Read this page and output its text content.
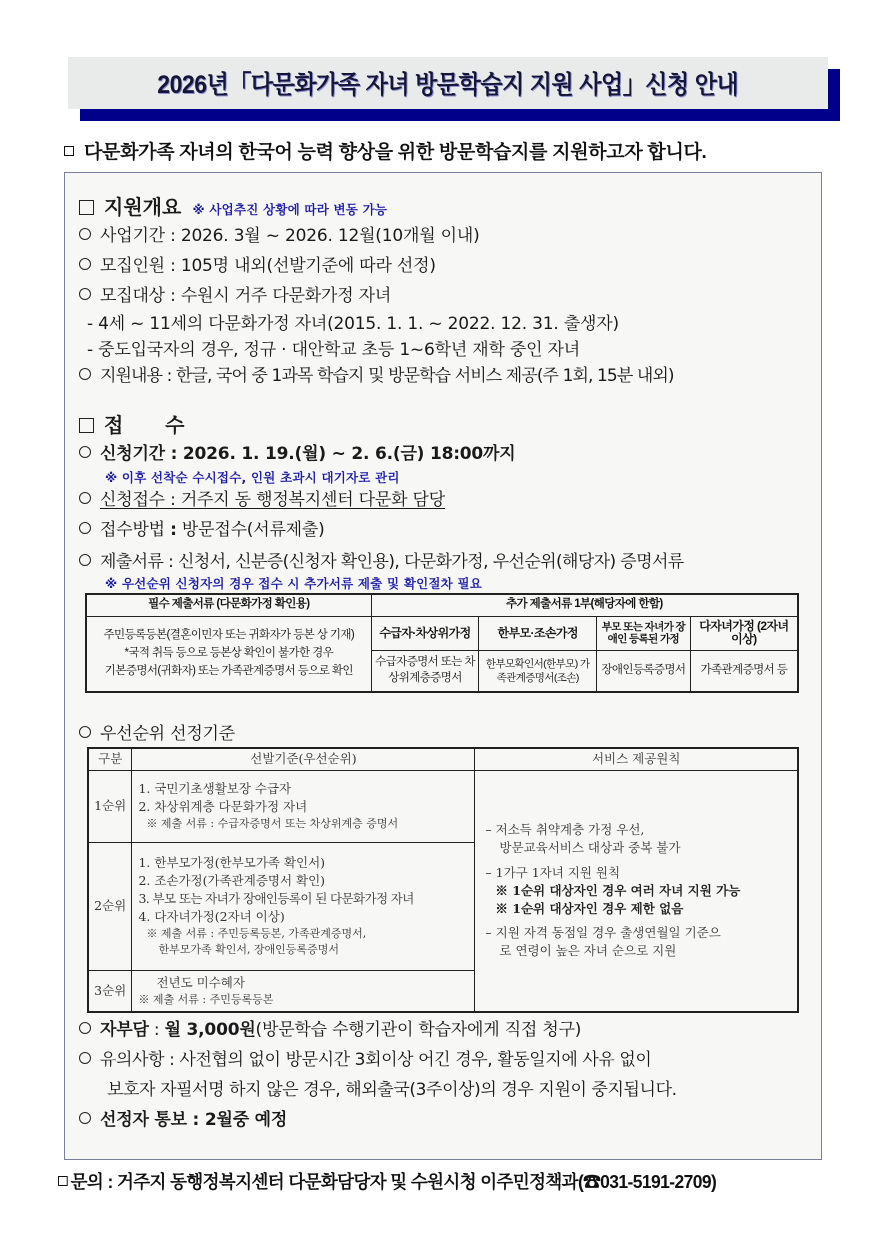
2026년「다문화가족 자녀 방문학습지 지원 사업」신청 안내
다문화가족 자녀의 한국어 능력 향상을 위한 방문학습지를 지원하고자 합니다.
지원개요 ※ 사업추진 상황에 따라 변동 가능
사업기간 : 2026. 3월 ~ 2026. 12월(10개월 이내)
모집인원 : 105명 내외(선발기준에 따라 선정)
모집대상 : 수원시 거주 다문화가정 자녀
- 4세 ~ 11세의 다문화가정 자녀(2015. 1. 1. ~ 2022. 12. 31. 출생자)
- 중도입국자의 경우, 정규 · 대안학교 초등 1~6학년 재학 중인 자녀
지원내용 : 한글, 국어 중 1과목 학습지 및 방문학습 서비스 제공(주 1회, 15분 내외)
접      수
신청기간 : 2026. 1. 19.(월) ~ 2. 6.(금) 18:00까지
※ 이후 선착순 수시접수, 인원 초과시 대기자로 관리
신청접수 : 거주지 동 행정복지센터 다문화 담당
접수방법 : 방문접수(서류제출)
제출서류 : 신청서, 신분증(신청자 확인용), 다문화가정, 우선순위(해당자) 증명서류
※ 우선순위 신청자의 경우 접수 시 추가서류 제출 및 확인절차 필요
필수 제출서류 (다문화가정 확인용)	추가 제출서류 1부(해당자에 한함)			

주민등록등본(결혼이민자 또는 귀화자가 등본 상 기재)
*국적 취득 등으로 등본상 확인이 불가한 경우
기본증명서(귀화자) 또는 가족관계증명서 등으로 확인	수급자·차상위가정	한부모·조손가정	부모 또는 자녀가 장애인 등록된 가정	다자녀가정 (2자녀 이상)
	수급자증명서 또는 차상위계층증명서	한부모확인서(한부모) 가족관계증명서(조손)	장애인등록증명서	가족관계증명서 등
우선순위 선정기준
구분	선발기준(우선순위)	서비스 제공원칙
1순위	
1. 국민기초생활보장 수급자
2. 차상위계층 다문화가정 자녀
※ 제출 서류 : 수급자증명서 또는 차상위계층 증명서	– 저소득 취약계층 가정 우선,
방문교육서비스 대상과 중복 불가
– 1가구 1자녀 지원 원칙
※ 1순위 대상자인 경우 여러 자녀 지원 가능
※ 1순위 대상자인 경우 제한 없음
– 지원 자격 동점일 경우 출생연월일 기준으
로 연령이 높은 자녀 순으로 지원

2순위	
1. 한부모가정(한부모가족 확인서)
2. 조손가정(가족관계증명서 확인)
3. 부모 또는 자녀가 장애인등록이 된 다문화가정 자녀
4. 다자녀가정(2자녀 이상)
※ 제출 서류 : 주민등록등본, 가족관계증명서,
한부모가족 확인서, 장애인등록증명서

3순위	전년도 미수혜자
※ 제출 서류 : 주민등록등본	
자부담 : 월 3,000원(방문학습 수행기관이 학습자에게 직접 청구)
유의사항 : 사전협의 없이 방문시간 3회이상 어긴 경우, 활동일지에 사유 없이
보호자 자필서명 하지 않은 경우, 해외출국(3주이상)의 경우 지원이 중지됩니다.
선정자 통보 : 2월중 예정
문의 : 거주지 동행정복지센터 다문화담당자 및 수원시청 이주민정책과(☎031-5191-2709)
